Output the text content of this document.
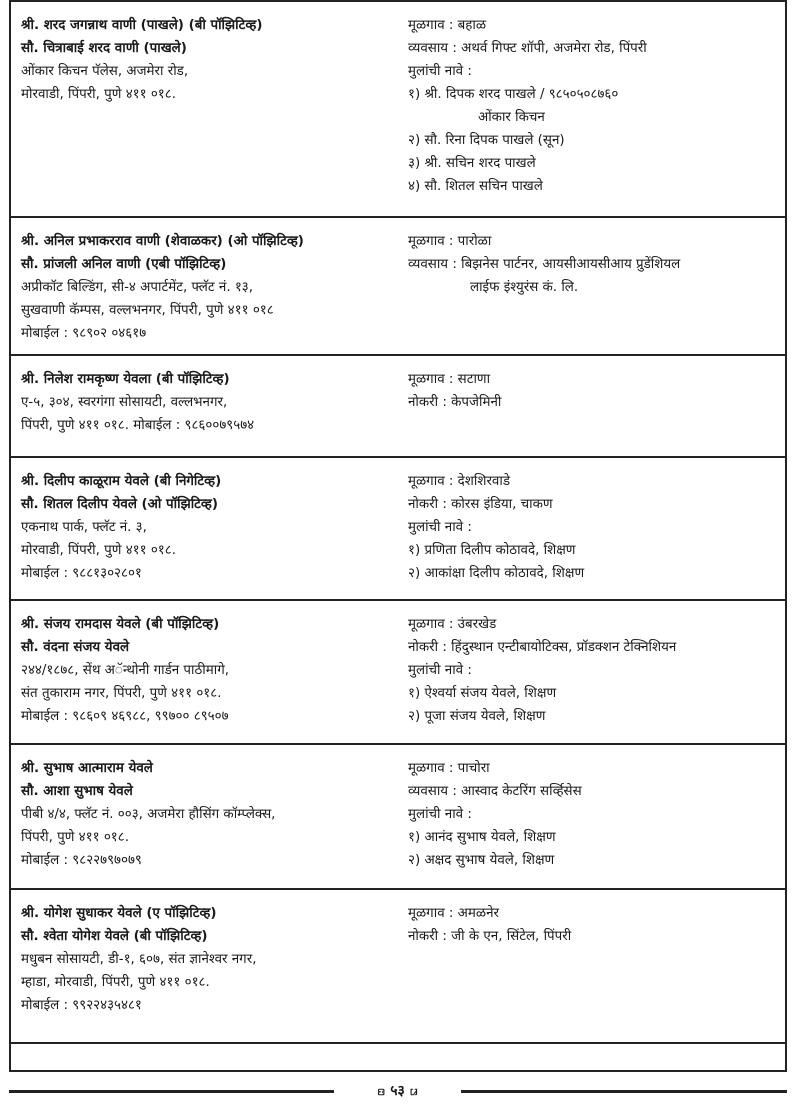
श्री. शरद जगन्नाथ वाणी (पाखले) (बी पॉझिटिव्ह)
सौ. चित्राबाई शरद वाणी (पाखले)
ओंकार किचन पॅलेस, अजमेरा रोड,
मोरवाडी, पिंपरी, पुणे ४११ ०१८.
मूळगाव : बहाळ
व्यवसाय : अथर्व गिफ्ट शॉपी, अजमेरा रोड, पिंपरी
मुलांची नावे :
१) श्री. दिपक शरद पाखले / ९८५०५०८७६०
ओंकार किचन
२) सौ. रिना दिपक पाखले (सून)
३) श्री. सचिन शरद पाखले
४) सौ. शितल सचिन पाखले
श्री. अनिल प्रभाकरराव वाणी (शेवाळकर) (ओ पॉझिटिव्ह)
सौ. प्रांजली अनिल वाणी (एबी पॉझिटिव्ह)
अप्रीकॉट बिल्डिंग, सी-४ अपार्टमेंट, फ्लॅट नं. १३,
सुखवाणी कॅम्पस, वल्लभनगर, पिंपरी, पुणे ४११ ०१८
मोबाईल : ९८९०२ ०४६१७
मूळगाव : पारोळा
व्यवसाय : बिझनेस पार्टनर, आयसीआयसीआय प्रुडेंशियल
लाईफ इंश्युरंस कं. लि.
श्री. निलेश रामकृष्ण येवला (बी पॉझिटिव्ह)
ए-५, ३०४, स्वरगंगा सोसायटी, वल्लभनगर,
पिंपरी, पुणे ४११ ०१८. मोबाईल : ९८६००७९५७४
मूळगाव : सटाणा
नोकरी : केपजेमिनी
श्री. दिलीप काळूराम येवले (बी निगेटिव्ह)
सौ. शितल दिलीप येवले (ओ पॉझिटिव्ह)
एकनाथ पार्क, फ्लॅट नं. ३,
मोरवाडी, पिंपरी, पुणे ४११ ०१८.
मोबाईल : ९८८१३०२८०१
मूळगाव : देशशिरवाडे
नोकरी : कोरस इंडिया, चाकण
मुलांची नावे :
१) प्रणिता दिलीप कोठावदे, शिक्षण
२) आकांक्षा दिलीप कोठावदे, शिक्षण
श्री. संजय रामदास येवले (बी पॉझिटिव्ह)
सौ. वंदना संजय येवले
२४४/१८७८, सेंथ अॅन्थोनी गार्डन पाठीमागे,
संत तुकाराम नगर, पिंपरी, पुणे ४११ ०१८.
मोबाईल : ९८६०९ ४६९८८, ९९७०० ८९५०७
मूळगाव : उंबरखेड
नोकरी : हिंदुस्थान एन्टीबायोटिक्स, प्रॉडक्शन टेक्निशियन
मुलांची नावे :
१) ऐश्वर्या संजय येवले, शिक्षण
२) पूजा संजय येवले, शिक्षण
श्री. सुभाष आत्माराम येवले
सौ. आशा सुभाष येवले
पीबी ४/४, फ्लॅट नं. ००३, अजमेरा हौसिंग कॉम्प्लेक्स,
पिंपरी, पुणे ४११ ०१८.
मोबाईल : ९८२२७९७०७९
मूळगाव : पाचोरा
व्यवसाय : आस्वाद केटरिंग सर्व्हिसेस
मुलांची नावे :
१) आनंद सुभाष येवले, शिक्षण
२) अक्षद सुभाष येवले, शिक्षण
श्री. योगेश सुधाकर येवले (ए पॉझिटिव्ह)
सौ. श्वेता योगेश येवले (बी पॉझिटिव्ह)
मधुबन सोसायटी, डी-१, ६०७, संत ज्ञानेश्वर नगर,
म्हाडा, मोरवाडी, पिंपरी, पुणे ४११ ०१८.
मोबाईल : ९९२२४३५४८१
मूळगाव : अमळनेर
नोकरी : जी के एन, सिंटेल, पिंपरी
ꤢ ५३ ꤣ
